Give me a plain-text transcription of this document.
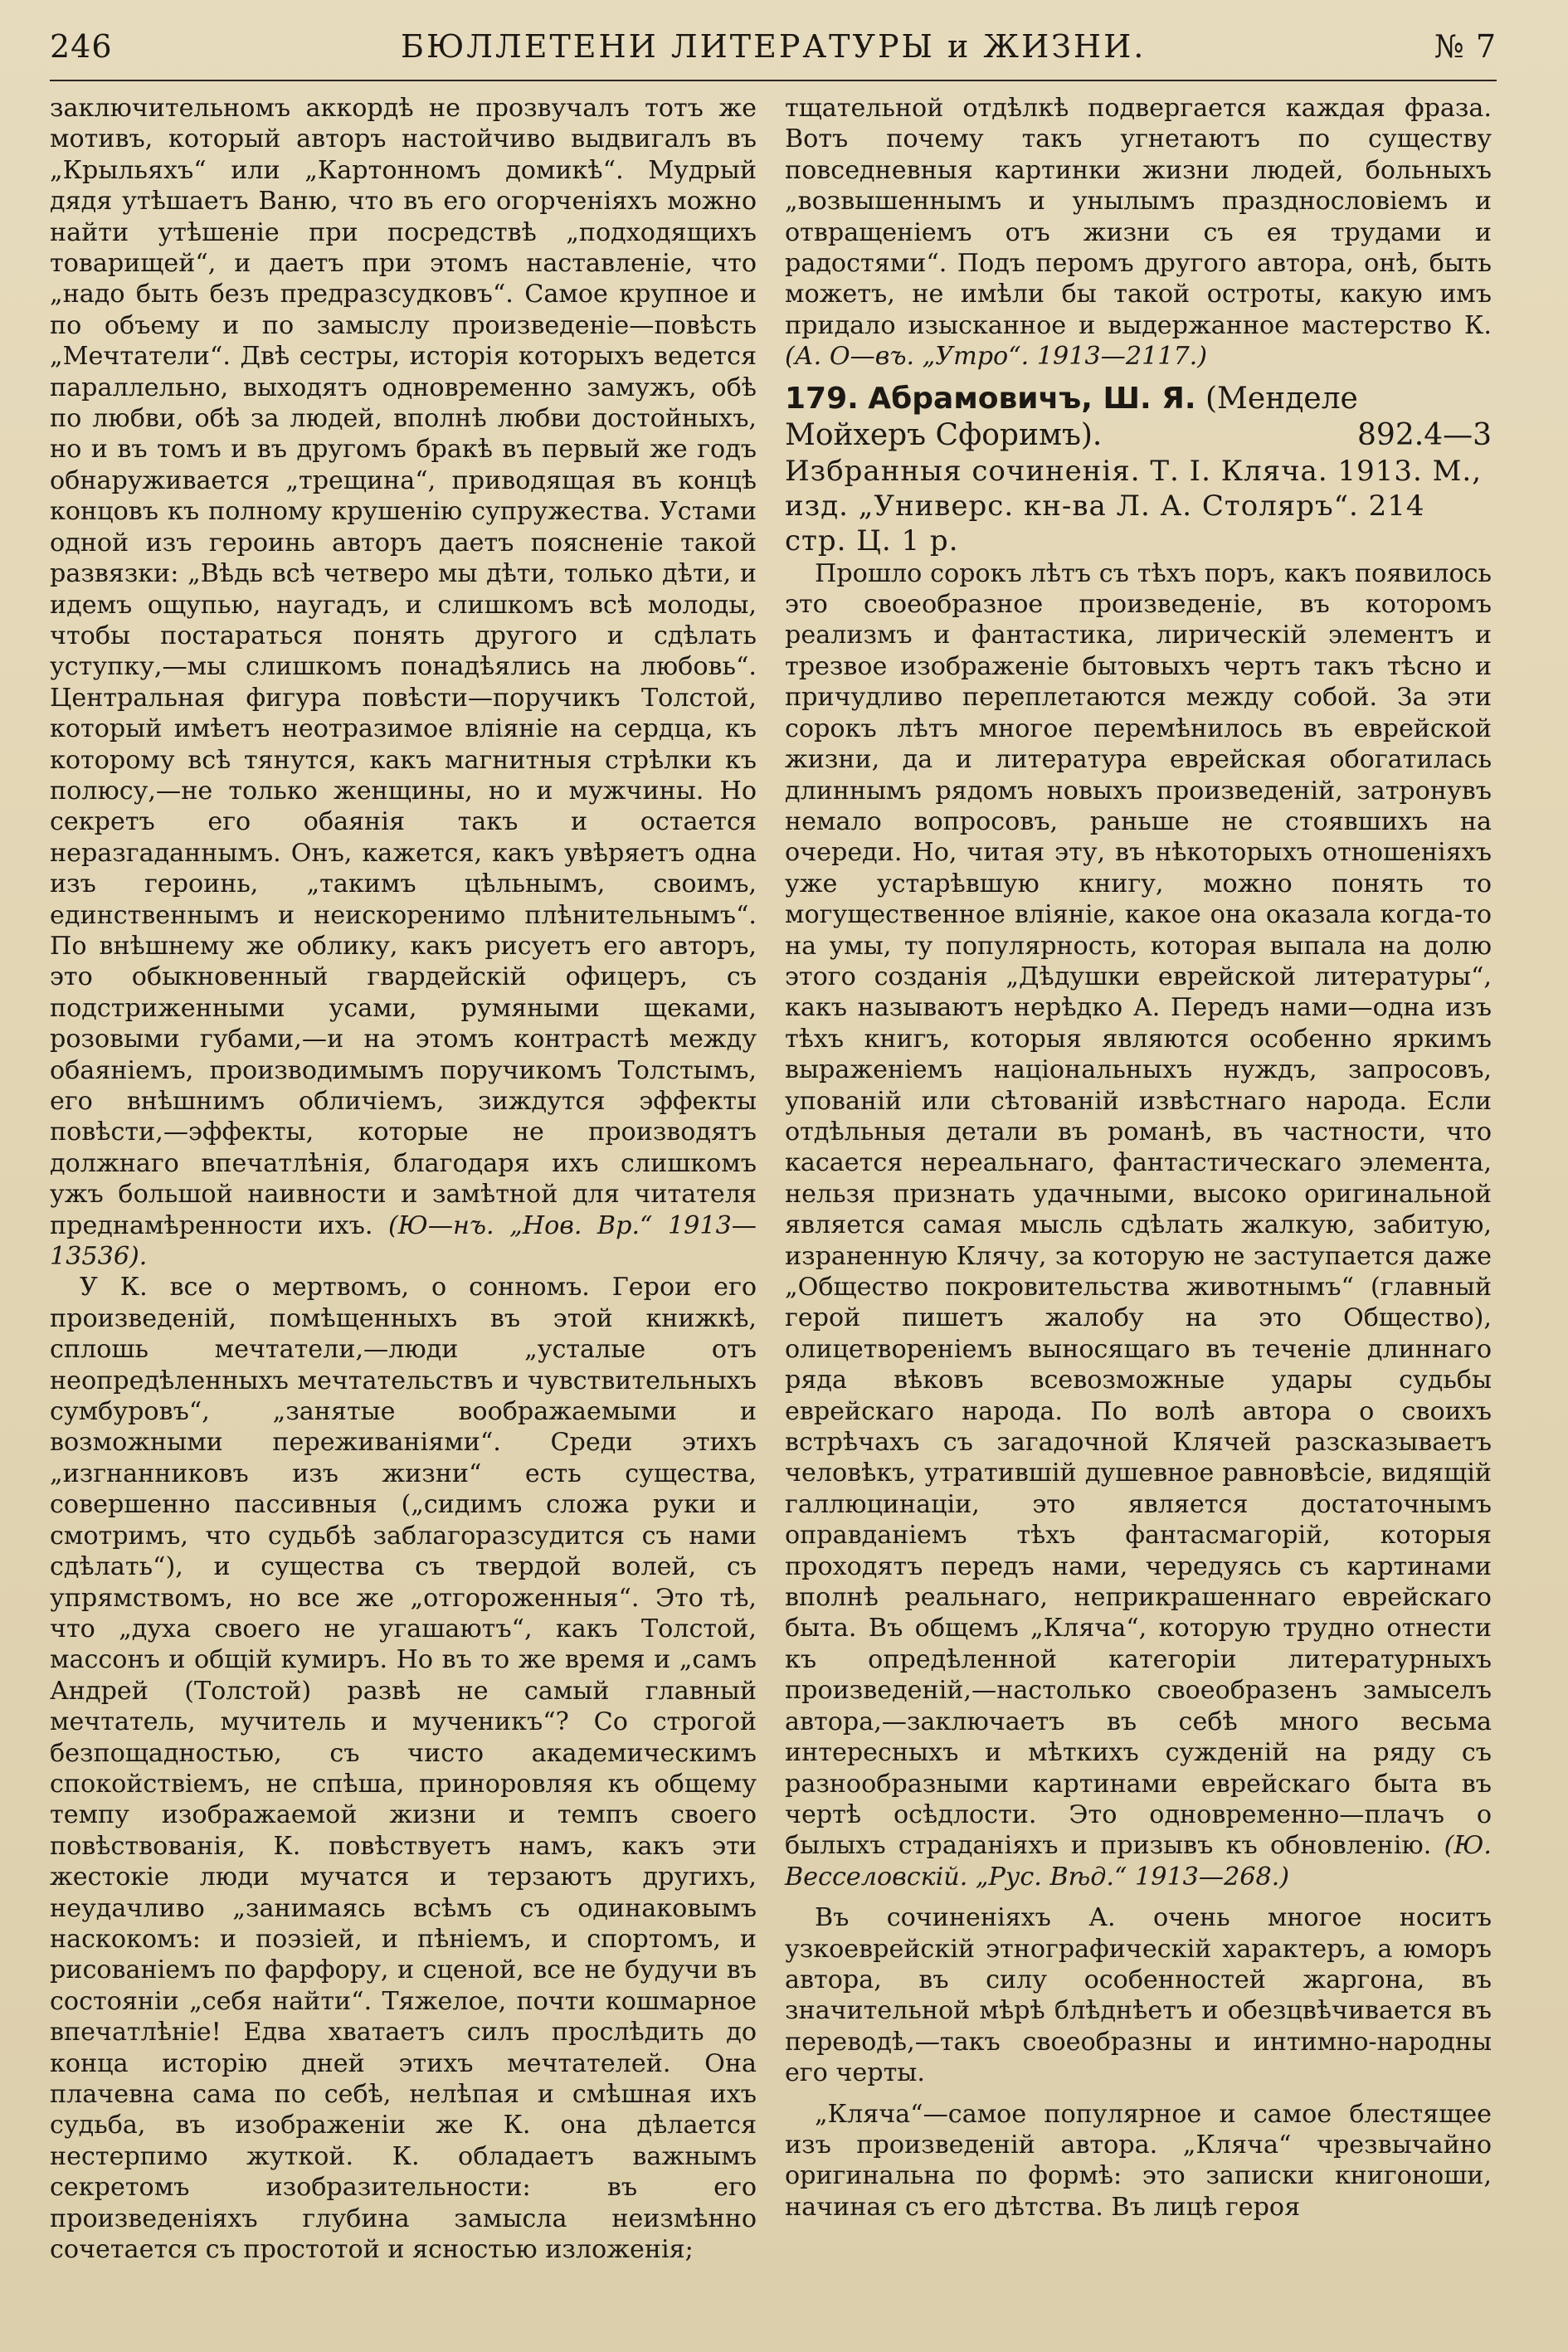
246	БЮЛЛЕТЕНИ ЛИТЕРАТУРЫ и ЖИЗНИ.	№ 7

заключительномъ аккордѣ не прозвучалъ тотъ же мотивъ, который авторъ настойчиво выдвигалъ въ „Крыльяхъ“ или „Картонномъ домикѣ“. Мудрый дядя утѣшаетъ Ваню, что въ его огорченіяхъ можно найти утѣшеніе при посредствѣ „подходящихъ товарищей“, и даетъ при этомъ наставленіе, что „надо быть безъ предразсудковъ“. Самое крупное и по объему и по замыслу произведеніе—повѣсть „Мечтатели“. Двѣ сестры, исторія которыхъ ведется параллельно, выходятъ одновременно замужъ, обѣ по любви, обѣ за людей, вполнѣ любви достойныхъ, но и въ томъ и въ другомъ бракѣ въ первый же годъ обнаруживается „трещина“, приводящая въ концѣ концовъ къ полному крушенію супружества. Устами одной изъ героинь авторъ даетъ поясненіе такой развязки: „Вѣдь всѣ четверо мы дѣти, только дѣти, и идемъ ощупью, наугадъ, и слишкомъ всѣ молоды, чтобы постараться понять другого и сдѣлать уступку,—мы слишкомъ понадѣялись на любовь“. Центральная фигура повѣсти—поручикъ Толстой, который имѣетъ неотразимое вліяніе на сердца, къ которому всѣ тянутся, какъ магнитныя стрѣлки къ полюсу,—не только женщины, но и мужчины. Но секретъ его обаянія такъ и остается неразгаданнымъ. Онъ, кажется, какъ увѣряетъ одна изъ героинь, „такимъ цѣльнымъ, своимъ, единственнымъ и неискоренимо плѣнительнымъ“. По внѣшнему же облику, какъ рисуетъ его авторъ, это обыкновенный гвардейскій офицеръ, съ подстриженными усами, румяными щеками, розовыми губами,—и на этомъ контрастѣ между обаяніемъ, производимымъ поручикомъ Толстымъ, его внѣшнимъ обличіемъ, зиждутся эффекты повѣсти,—эффекты, которые не производятъ должнаго впечатлѣнія, благодаря ихъ слишкомъ ужъ большой наивности и замѣтной для читателя преднамѣренности ихъ. (Ю—нъ. „Нов. Вр.“ 1913—13536).

У К. все о мертвомъ, о сонномъ. Герои его произведеній, помѣщенныхъ въ этой книжкѣ, сплошь мечтатели,—люди „усталые отъ неопредѣленныхъ мечтательствъ и чувствительныхъ сумбуровъ“, „занятые воображаемыми и возможными переживаніями“. Среди этихъ „изгнанниковъ изъ жизни“ есть существа, совершенно пассивныя („сидимъ сложа руки и смотримъ, что судьбѣ заблагоразсудится съ нами сдѣлать“), и существа съ твердой волей, съ упрямствомъ, но все же „отгороженныя“. Это тѣ, что „духа своего не угашаютъ“, какъ Толстой, массонъ и общій кумиръ. Но въ то же время и „самъ Андрей (Толстой) развѣ не самый главный мечтатель, мучитель и мученикъ“? Со строгой безпощадностью, съ чисто академическимъ спокойствіемъ, не спѣша, приноровляя къ общему темпу изображаемой жизни и темпъ своего повѣствованія, К. повѣствуетъ намъ, какъ эти жестокіе люди мучатся и терзаютъ другихъ, неудачливо „занимаясь всѣмъ съ одинаковымъ наскокомъ: и поэзіей, и пѣніемъ, и спортомъ, и рисованіемъ по фарфору, и сценой, все не будучи въ состояніи „себя найти“. Тяжелое, почти кошмарное впечатлѣніе! Едва хватаетъ силъ прослѣдить до конца исторію дней этихъ мечтателей. Она плачевна сама по себѣ, нелѣпая и смѣшная ихъ судьба, въ изображеніи же К. она дѣлается нестерпимо жуткой. К. обладаетъ важнымъ секретомъ изобразительности: въ его произведеніяхъ глубина замысла неизмѣнно сочетается съ простотой и ясностью изложенія;

тщательной отдѣлкѣ подвергается каждая фраза. Вотъ почему такъ угнетаютъ по существу повседневныя картинки жизни людей, больныхъ „возвышеннымъ и унылымъ празднословіемъ и отвращеніемъ отъ жизни съ ея трудами и радостями“. Подъ перомъ другого автора, онѣ, быть можетъ, не имѣли бы такой остроты, какую имъ придало изысканное и выдержанное мастерство К. (А. О—въ. „Утро“. 1913—2117.)

179. Абрамовичъ, Ш. Я. (Менделе Мойхеръ Сфоримъ).	892.4—3

Избранныя сочиненія. Т. I. Кляча. 1913. М., изд. „Универс. кн-ва Л. А. Столяръ“. 214 стр. Ц. 1 р.

Прошло сорокъ лѣтъ съ тѣхъ поръ, какъ появилось это своеобразное произведеніе, въ которомъ реализмъ и фантастика, лирическій элементъ и трезвое изображеніе бытовыхъ чертъ такъ тѣсно и причудливо переплетаются между собой. За эти сорокъ лѣтъ многое перемѣнилось въ еврейской жизни, да и литература еврейская обогатилась длиннымъ рядомъ новыхъ произведеній, затронувъ немало вопросовъ, раньше не стоявшихъ на очереди. Но, читая эту, въ нѣкоторыхъ отношеніяхъ уже устарѣвшую книгу, можно понять то могущественное вліяніе, какое она оказала когда-то на умы, ту популярность, которая выпала на долю этого созданія „Дѣдушки еврейской литературы“, какъ называютъ нерѣдко А. Передъ нами—одна изъ тѣхъ книгъ, которыя являются особенно яркимъ выраженіемъ національныхъ нуждъ, запросовъ, упованій или сѣтованій извѣстнаго народа. Если отдѣльныя детали въ романѣ, въ частности, что касается нереальнаго, фантастическаго элемента, нельзя признать удачными, высоко оригинальной является самая мысль сдѣлать жалкую, забитую, израненную Клячу, за которую не заступается даже „Общество покровительства животнымъ“ (главный герой пишетъ жалобу на это Общество), олицетвореніемъ выносящаго въ теченіе длиннаго ряда вѣковъ всевозможные удары судьбы еврейскаго народа. По волѣ автора о своихъ встрѣчахъ съ загадочной Клячей разсказываетъ человѣкъ, утратившій душевное равновѣсіе, видящій галлюцинаціи, это является достаточнымъ оправданіемъ тѣхъ фантасмагорій, которыя проходятъ передъ нами, чередуясь съ картинами вполнѣ реальнаго, неприкрашеннаго еврейскаго быта. Въ общемъ „Кляча“, которую трудно отнести къ опредѣленной категоріи литературныхъ произведеній,—настолько своеобразенъ замыселъ автора,—заключаетъ въ себѣ много весьма интересныхъ и мѣткихъ сужденій на ряду съ разнообразными картинами еврейскаго быта въ чертѣ осѣдлости. Это одновременно—плачъ о былыхъ страданіяхъ и призывъ къ обновленію. (Ю. Весселовскій. „Рус. Вѣд.“ 1913—268.)

Въ сочиненіяхъ А. очень многое носитъ узкоеврейскій этнографическій характеръ, а юморъ автора, въ силу особенностей жаргона, въ значительной мѣрѣ блѣднѣетъ и обезцвѣчивается въ переводѣ,—такъ своеобразны и интимно-народны его черты.

„Кляча“—самое популярное и самое блестящее изъ произведеній автора. „Кляча“ чрезвычайно оригинальна по формѣ: это записки книгоноши, начиная съ его дѣтства. Въ лицѣ героя
